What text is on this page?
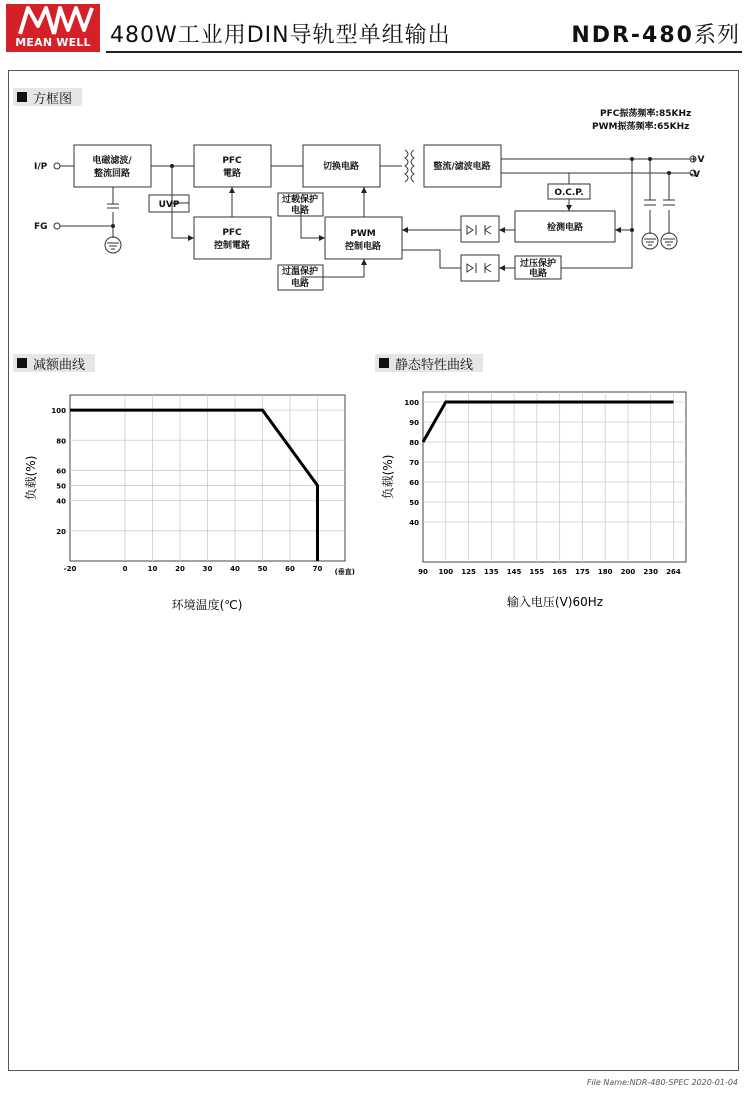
MEAN WELL 480W工业用DIN导轨型单组输出	NDR-480系列
方框图
PFC振荡频率:85KHz
PWM振荡频率:65KHz
I/P
FG
电磁滤波/
整流回路
PFC
電路
UVP
PFC
控制電路
切换电路	整流/滤波电路
过载保护
电路
PWM
控制电路
过温保护
电路
O.C.P.
检测电路
过压保护
电路
+V
-V
减额曲线
-20	0	10	20	30	40	50	60	70
100
80
60
50
40
20
(垂直)
环境温度(℃)
负载(%)
静态特性曲线
90 100 125 135 145 155 165 175 180 200 230 264
100
90
80
70
60
50
40
输入电压(V)60Hz
负载(%)
File Name:NDR-480-SPEC 2020-01-04
